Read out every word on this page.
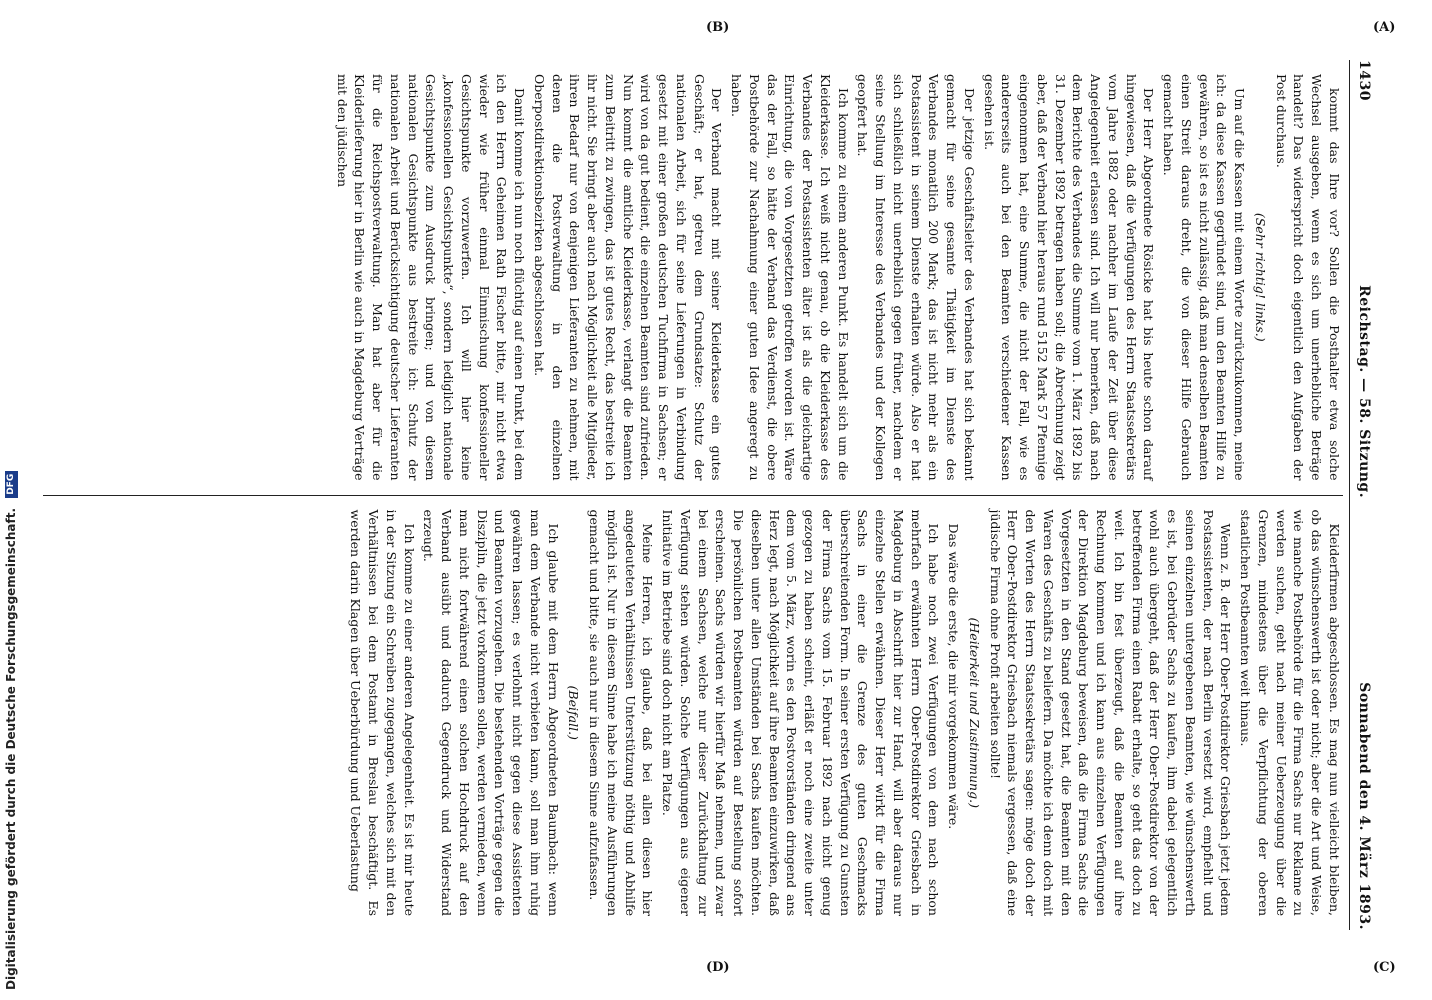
1430
Reichstag. — 58. Sitzung.
Sonnabend den 4. März 1893.

kommt das Ihre vor? Sollen die Posthalter etwa solche Wechsel ausgeben, wenn es sich um unerhebliche Beträge handelt? Das widerspricht doch eigentlich den Aufgaben der Post durchaus.

(Sehr richtig! links.)

Um auf die Kassen mit einem Worte zurückzukommen, meine ich: da diese Kassen gegründet sind, um den Beamten Hilfe zu gewähren, so ist es nicht zulässig, daß man denselben Beamten einen Streit daraus dreht, die von dieser Hilfe Gebrauch gemacht haben.

Der Herr Abgeordnete Rösicke hat bis heute schon darauf hingewiesen, daß die Verfügungen des Herrn Staatssekretärs vom Jahre 1882 oder nachher im Laufe der Zeit über diese Angelegenheit erlassen sind. Ich will nur bemerken, daß nach dem Berichte des Verbandes die Summe vom 1. März 1892 bis 31. Dezember 1892 betragen haben soll; die Abrechnung zeigt aber, daß der Verband hier heraus rund 5152 Mark 57 Pfennige eingenommen hat, eine Summe, die nicht der Fall, wie es andererseits auch bei den Beamten verschiedener Kassen gesehen ist.

Der jetzige Geschäftsleiter des Verbandes hat sich bekannt gemacht für seine gesamte Thätigkeit im Dienste des Verbandes monatlich 200 Mark; das ist nicht mehr als ein Postassistent in seinem Dienste erhalten würde. Also er hat sich schließlich nicht unerheblich gegen früher, nachdem er seine Stellung im Interesse des Verbandes und der Kollegen geopfert hat.

Ich komme zu einem anderen Punkt. Es handelt sich um die Kleiderkasse. Ich weiß nicht genau, ob die Kleiderkasse des Verbandes der Postassistenten älter ist als die gleichartige Einrichtung, die von Vorgesetzten getroffen worden ist. Wäre das der Fall, so hätte der Verband das Verdienst, die obere Postbehörde zur Nachahmung einer guten Idee angeregt zu haben.

Der Verband macht mit seiner Kleiderkasse ein gutes Geschäft; er hat, getreu dem Grundsatze: Schutz der nationalen Arbeit, sich für seine Lieferungen in Verbindung gesetzt mit einer großen deutschen Tuchfirma in Sachsen; er wird von da gut bedient, die einzelnen Beamten sind zufrieden. Nun kommt die amtliche Kleiderkasse, verlangt die Beamten zum Beitritt zu zwingen, das ist gutes Recht, das bestreite ich ihr nicht. Sie bringt aber auch nach Möglichkeit alle Mitglieder, ihren Bedarf nur von denjenigen Lieferanten zu nehmen, mit denen die Postverwaltung in den einzelnen Oberpostdirektionsbezirken abgeschlossen hat.

Damit komme ich nun noch flüchtig auf einen Punkt, bei dem ich den Herrn Geheimen Rath Fischer bitte, mir nicht etwa wieder wie früher einmal Einmischung konfessioneller Gesichtspunkte vorzuwerfen. Ich will hier keine „konfessionellen Gesichtspunkte“, sondern lediglich nationale Gesichtspunkte zum Ausdruck bringen; und von diesem nationalen Gesichtspunkte aus bestreite ich: Schutz der nationalen Arbeit und Berücksichtigung deutscher Lieferanten für die Reichspostverwaltung. Man hat aber für die Kleiderlieferung hier in Berlin wie auch in Magdeburg Verträge mit den jüdischen

Kleiderfirmen abgeschlossen. Es mag nun vielleicht bleiben, ob das wünschenswerth ist oder nicht; aber die Art und Weise, wie manche Postbehörde für die Firma Sachs nur Reklame zu werden suchen, geht nach meiner Ueberzeugung über die Grenzen, mindestens über die Verpflichtung der oberen staatlichen Postbeamten weit hinaus.

Wenn z. B. der Herr Ober-Postdirektor Griesbach jetzt jedem Postassistenten, der nach Berlin versetzt wird, empfiehlt und seinen einzelnen untergebenen Beamten, wie wünschenswerth es ist, bei Gebrüder Sachs zu kaufen, ihm dabei gelegentlich wohl auch übergeht, daß der Herr Ober-Postdirektor von der betreffenden Firma einen Rabatt erhalte, so geht das doch zu weit. Ich bin fest überzeugt, daß die Beamten auf ihre Rechnung kommen und ich kann aus einzelnen Verfügungen der Direktion Magdeburg beweisen, daß die Firma Sachs die Vorgesetzten in den Stand gesetzt hat, die Beamten mit den Waren des Geschäfts zu beliefern. Da möchte ich denn doch mit den Worten des Herrn Staatssekretärs sagen: möge doch der Herr Ober-Postdirektor Griesbach niemals vergessen, daß eine jüdische Firma ohne Profit arbeiten sollte!

(Heiterkeit und Zustimmung.)

Das wäre die erste, die mir vorgekommen wäre.

Ich habe noch zwei Verfügungen von dem nach schon mehrfach erwähnten Herrn Ober-Postdirektor Griesbach in Magdeburg in Abschrift hier zur Hand, will aber daraus nur einzelne Stellen erwähnen. Dieser Herr wirkt für die Firma Sachs in einer die Grenze des guten Geschmacks überschreitenden Form. In seiner ersten Verfügung zu Gunsten der Firma Sachs vom 15. Februar 1892 nach nicht genug gezogen zu haben scheint, erläßt er noch eine zweite unter dem vom 5. März, worin es den Postvorständen dringend ans Herz legt, nach Möglichkeit auf ihre Beamten einzuwirken, daß dieselben unter allen Umständen bei Sachs kaufen möchten. Die persönlichen Postbeamten würden auf Bestellung sofort erscheinen. Sachs würden wir hierfür Maß nehmen, und zwar bei einem Sachsen, welche nur dieser Zurückhaltung zur Verfügung stehen würden. Solche Verfügungen aus eigener Initiative im Betriebe sind doch nicht am Platze.

Meine Herren, ich glaube, daß bei allen diesen hier angedeuteten Verhältnissen Unterstützung nöthig und Abhilfe möglich ist. Nur in diesem Sinne habe ich meine Ausführungen gemacht und bitte, sie auch nur in diesem Sinne aufzufassen.

(Beifall.)

Ich glaube mit dem Herrn Abgeordneten Baumbach: wenn man dem Verbande nicht verbieten kann, soll man ihm ruhig gewähren lassen; es verlohnt nicht gegen diese Assistenten und Beamten vorzugehen. Die bestehenden Vorträge gegen die Disziplin, die jetzt vorkommen sollen, werden vermieden, wenn man nicht fortwährend einen solchen Hochdruck auf den Verband ausübt und dadurch Gegendruck und Widerstand erzeugt.

Ich komme zu einer anderen Angelegenheit. Es ist mir heute in der Sitzung ein Schreiben zugegangen, welches sich mit den Verhältnissen bei dem Postamt in Breslau beschäftigt. Es werden darin Klagen über Ueberbürdung und Ueberlastung

(A)
(B)
(C)
(D)
Digitalisierung gefördert durch die Deutsche Forschungsgemeinschaft. DFG
